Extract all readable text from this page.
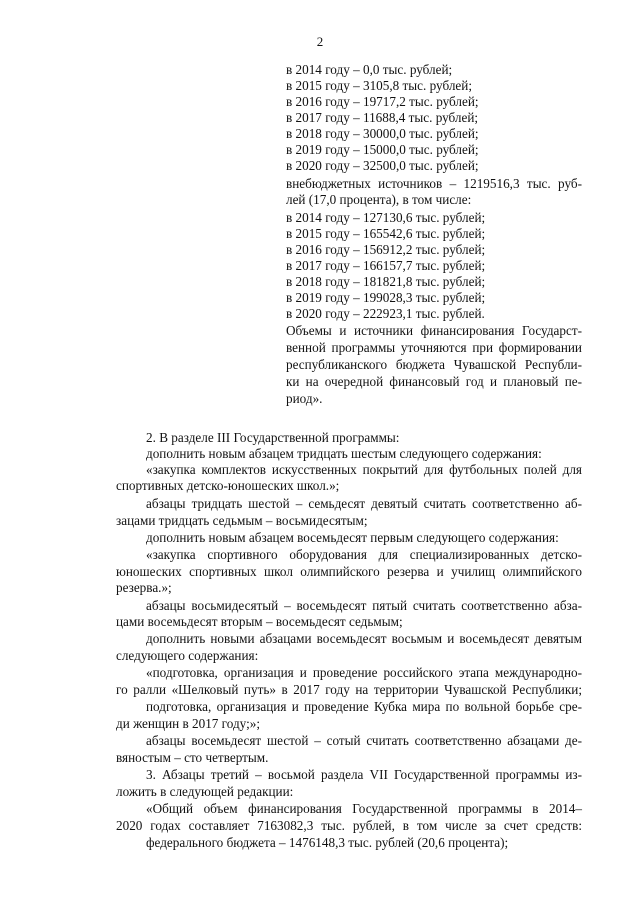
2
в 2014 году – 0,0 тыс. рублей;
в 2015 году – 3105,8 тыс. рублей;
в 2016 году – 19717,2 тыс. рублей;
в 2017 году – 11688,4 тыс. рублей;
в 2018 году – 30000,0 тыс. рублей;
в 2019 году – 15000,0 тыс. рублей;
в 2020 году – 32500,0 тыс. рублей;
внебюджетных источников – 1219516,3 тыс. руб-
лей (17,0 процента), в том числе:
в 2014 году – 127130,6 тыс. рублей;
в 2015 году – 165542,6 тыс. рублей;
в 2016 году – 156912,2 тыс. рублей;
в 2017 году – 166157,7 тыс. рублей;
в 2018 году – 181821,8 тыс. рублей;
в 2019 году – 199028,3 тыс. рублей;
в 2020 году – 222923,1 тыс. рублей.
Объемы и источники финансирования Государст-
венной программы уточняются при формировании
республиканского бюджета Чувашской Республи-
ки на очередной финансовый год и плановый пе-
риод».
2. В разделе III Государственной программы:
дополнить новым абзацем тридцать шестым следующего содержания:
«закупка комплектов искусственных покрытий для футбольных полей для
спортивных детско-юношеских школ.»;
абзацы тридцать шестой – семьдесят девятый считать соответственно аб-
зацами тридцать седьмым – восьмидесятым;
дополнить новым абзацем восемьдесят первым следующего содержания:
«закупка спортивного оборудования для специализированных детско-
юношеских спортивных школ олимпийского резерва и училищ олимпийского
резерва.»;
абзацы восьмидесятый – восемьдесят пятый считать соответственно абза-
цами восемьдесят вторым – восемьдесят седьмым;
дополнить новыми абзацами восемьдесят восьмым и восемьдесят девятым
следующего содержания:
«подготовка, организация и проведение российского этапа международно-
го ралли «Шелковый путь» в 2017 году на территории Чувашской Республики;
подготовка, организация и проведение Кубка мира по вольной борьбе сре-
ди женщин в 2017 году;»;
абзацы восемьдесят шестой – сотый считать соответственно абзацами де-
вяностым – сто четвертым.
3. Абзацы третий – восьмой раздела VII Государственной программы из-
ложить в следующей редакции:
«Общий объем финансирования Государственной программы в 2014–
2020 годах составляет 7163082,3 тыс. рублей, в том числе за счет средств:
федерального бюджета – 1476148,3 тыс. рублей (20,6 процента);
